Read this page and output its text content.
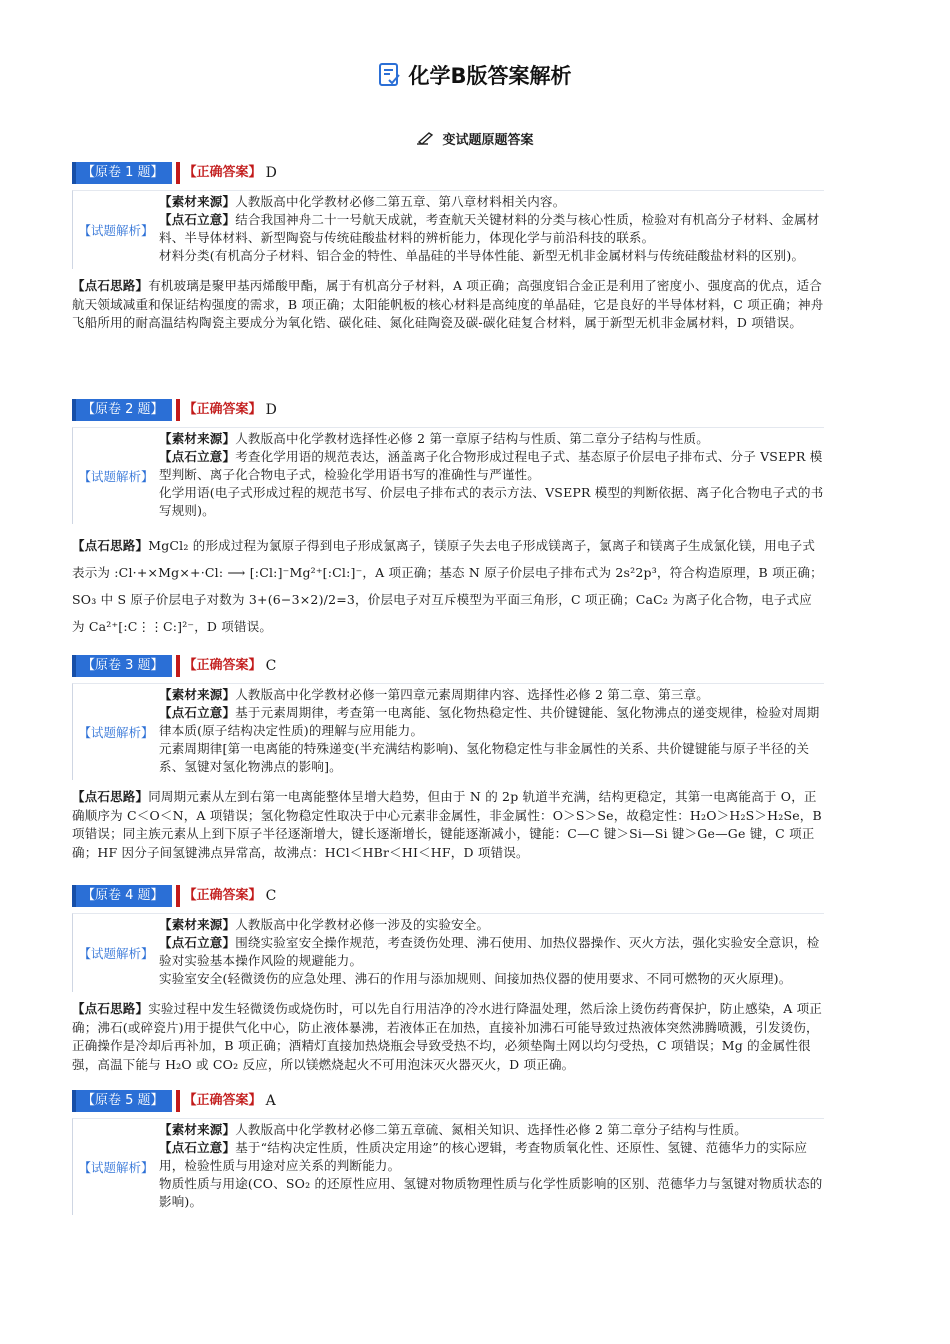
化学B版答案解析
变试题原题答案
【原卷 1 题】	【正确答案】 D
【试题解析】
【素材来源】人教版高中化学教材必修二第五章、第八章材料相关内容。
【点石立意】结合我国神舟二十一号航天成就，考查航天关键材料的分类与核心性质，检验对有机高分子材料、金属材料、半导体材料、新型陶瓷与传统硅酸盐材料的辨析能力，体现化学与前沿科技的联系。
材料分类(有机高分子材料、铝合金的特性、单晶硅的半导体性能、新型无机非金属材料与传统硅酸盐材料的区别)。
【点石思路】有机玻璃是聚甲基丙烯酸甲酯，属于有机高分子材料，A 项正确；高强度铝合金正是利用了密度小、强度高的优点，适合航天领域减重和保证结构强度的需求，B 项正确；太阳能帆板的核心材料是高纯度的单晶硅，它是良好的半导体材料，C 项正确；神舟飞船所用的耐高温结构陶瓷主要成分为氧化锆、碳化硅、氮化硅陶瓷及碳-碳化硅复合材料，属于新型无机非金属材料，D 项错误。
【原卷 2 题】	【正确答案】 D
【试题解析】
【素材来源】人教版高中化学教材选择性必修 2 第一章原子结构与性质、第二章分子结构与性质。
【点石立意】考查化学用语的规范表达，涵盖离子化合物形成过程电子式、基态原子价层电子排布式、分子 VSEPR 模型判断、离子化合物电子式，检验化学用语书写的准确性与严谨性。
化学用语(电子式形成过程的规范书写、价层电子排布式的表示方法、VSEPR 模型的判断依据、离子化合物电子式的书写规则)。
【点石思路】MgCl₂ 的形成过程为氯原子得到电子形成氯离子，镁原子失去电子形成镁离子，氯离子和镁离子生成氯化镁，用电子式表示为 :Cl·+×Mg×+·Cl: ⟶ [:Cl:]⁻Mg²⁺[:Cl:]⁻，A 项正确；基态 N 原子价层电子排布式为 2s²2p³，符合构造原理，B 项正确；SO₃ 中 S 原子价层电子对数为 3+(6−3×2)/2=3，价层电子对互斥模型为平面三角形，C 项正确；CaC₂ 为离子化合物，电子式应为 Ca²⁺[:C⋮⋮C:]²⁻，D 项错误。
【原卷 3 题】	【正确答案】 C
【试题解析】
【素材来源】人教版高中化学教材必修一第四章元素周期律内容、选择性必修 2 第二章、第三章。
【点石立意】基于元素周期律，考查第一电离能、氢化物热稳定性、共价键键能、氢化物沸点的递变规律，检验对周期律本质(原子结构决定性质)的理解与应用能力。
元素周期律[第一电离能的特殊递变(半充满结构影响)、氢化物稳定性与非金属性的关系、共价键键能与原子半径的关系、氢键对氢化物沸点的影响]。
【点石思路】同周期元素从左到右第一电离能整体呈增大趋势，但由于 N 的 2p 轨道半充满，结构更稳定，其第一电离能高于 O，正确顺序为 C＜O＜N，A 项错误；氢化物稳定性取决于中心元素非金属性，非金属性：O＞S＞Se，故稳定性：H₂O＞H₂S＞H₂Se，B 项错误；同主族元素从上到下原子半径逐渐增大，键长逐渐增长，键能逐渐减小，键能：C—C 键＞Si—Si 键＞Ge—Ge 键，C 项正确；HF 因分子间氢键沸点异常高，故沸点：HCl＜HBr＜HI＜HF，D 项错误。
【原卷 4 题】	【正确答案】 C
【试题解析】
【素材来源】人教版高中化学教材必修一涉及的实验安全。
【点石立意】围绕实验室安全操作规范，考查烫伤处理、沸石使用、加热仪器操作、灭火方法，强化实验安全意识，检验对实验基本操作风险的规避能力。
实验室安全(轻微烫伤的应急处理、沸石的作用与添加规则、间接加热仪器的使用要求、不同可燃物的灭火原理)。
【点石思路】实验过程中发生轻微烫伤或烧伤时，可以先自行用洁净的冷水进行降温处理，然后涂上烫伤药膏保护，防止感染，A 项正确；沸石(或碎瓷片)用于提供气化中心，防止液体暴沸，若液体正在加热，直接补加沸石可能导致过热液体突然沸腾喷溅，引发烫伤，正确操作是冷却后再补加，B 项正确；酒精灯直接加热烧瓶会导致受热不均，必须垫陶土网以均匀受热，C 项错误；Mg 的金属性很强，高温下能与 H₂O 或 CO₂ 反应，所以镁燃烧起火不可用泡沫灭火器灭火，D 项正确。
【原卷 5 题】	【正确答案】 A
【试题解析】
【素材来源】人教版高中化学教材必修二第五章硫、氮相关知识、选择性必修 2 第二章分子结构与性质。
【点石立意】基于“结构决定性质，性质决定用途”的核心逻辑，考查物质氧化性、还原性、氢键、范德华力的实际应用，检验性质与用途对应关系的判断能力。
物质性质与用途(CO、SO₂ 的还原性应用、氢键对物质物理性质与化学性质影响的区别、范德华力与氢键对物质状态的影响)。
